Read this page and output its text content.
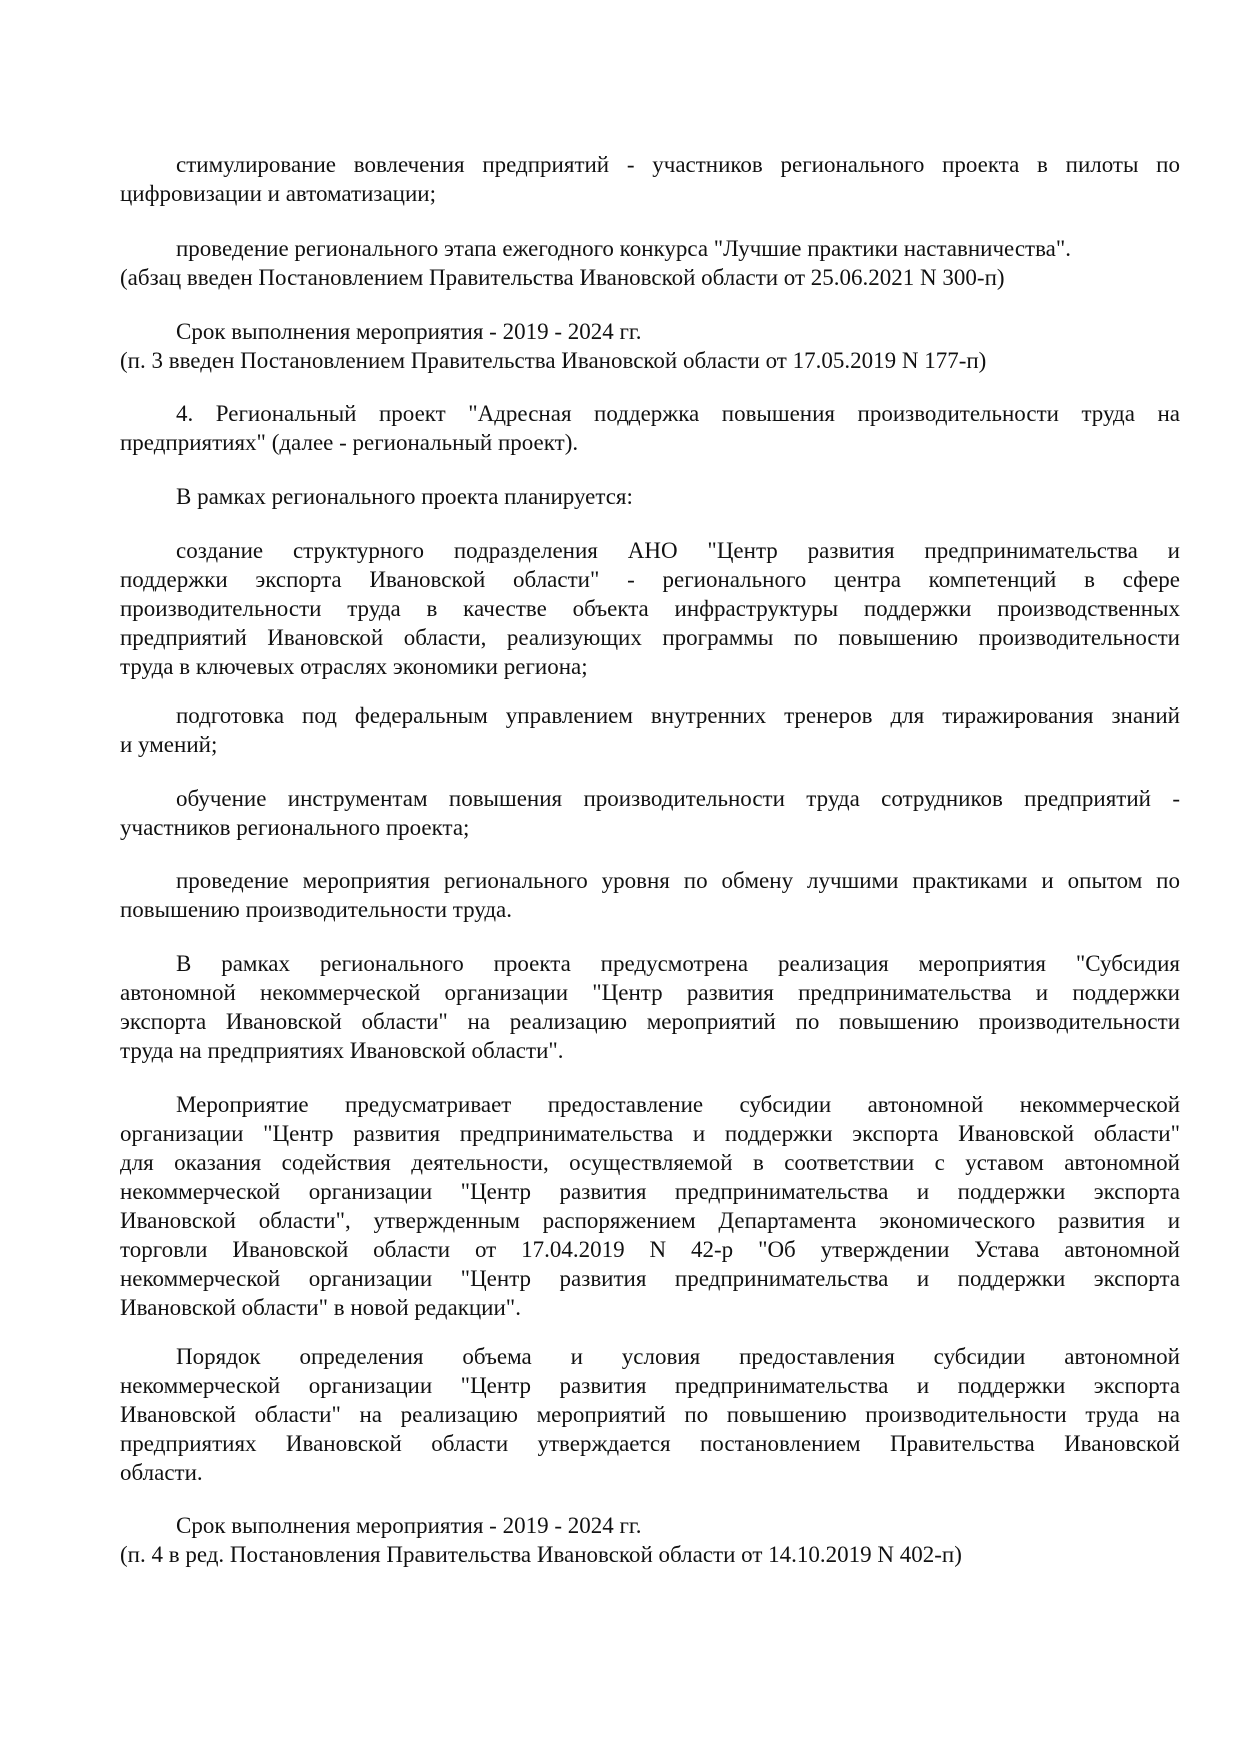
стимулирование вовлечения предприятий - участников регионального проекта в пилоты по
цифровизации и автоматизации;
проведение регионального этапа ежегодного конкурса "Лучшие практики наставничества".
(абзац введен Постановлением Правительства Ивановской области от 25.06.2021 N 300-п)
Срок выполнения мероприятия - 2019 - 2024 гг.
(п. 3 введен Постановлением Правительства Ивановской области от 17.05.2019 N 177-п)
4. Региональный проект "Адресная поддержка повышения производительности труда на
предприятиях" (далее - региональный проект).
В рамках регионального проекта планируется:
создание структурного подразделения АНО "Центр развития предпринимательства и
поддержки экспорта Ивановской области" - регионального центра компетенций в сфере
производительности труда в качестве объекта инфраструктуры поддержки производственных
предприятий Ивановской области, реализующих программы по повышению производительности
труда в ключевых отраслях экономики региона;
подготовка под федеральным управлением внутренних тренеров для тиражирования знаний
и умений;
обучение инструментам повышения производительности труда сотрудников предприятий -
участников регионального проекта;
проведение мероприятия регионального уровня по обмену лучшими практиками и опытом по
повышению производительности труда.
В рамках регионального проекта предусмотрена реализация мероприятия "Субсидия
автономной некоммерческой организации "Центр развития предпринимательства и поддержки
экспорта Ивановской области" на реализацию мероприятий по повышению производительности
труда на предприятиях Ивановской области".
Мероприятие предусматривает предоставление субсидии автономной некоммерческой
организации "Центр развития предпринимательства и поддержки экспорта Ивановской области"
для оказания содействия деятельности, осуществляемой в соответствии с уставом автономной
некоммерческой организации "Центр развития предпринимательства и поддержки экспорта
Ивановской области", утвержденным распоряжением Департамента экономического развития и
торговли Ивановской области от 17.04.2019 N 42-р "Об утверждении Устава автономной
некоммерческой организации "Центр развития предпринимательства и поддержки экспорта
Ивановской области" в новой редакции".
Порядок определения объема и условия предоставления субсидии автономной
некоммерческой организации "Центр развития предпринимательства и поддержки экспорта
Ивановской области" на реализацию мероприятий по повышению производительности труда на
предприятиях Ивановской области утверждается постановлением Правительства Ивановской
области.
Срок выполнения мероприятия - 2019 - 2024 гг.
(п. 4 в ред. Постановления Правительства Ивановской области от 14.10.2019 N 402-п)
